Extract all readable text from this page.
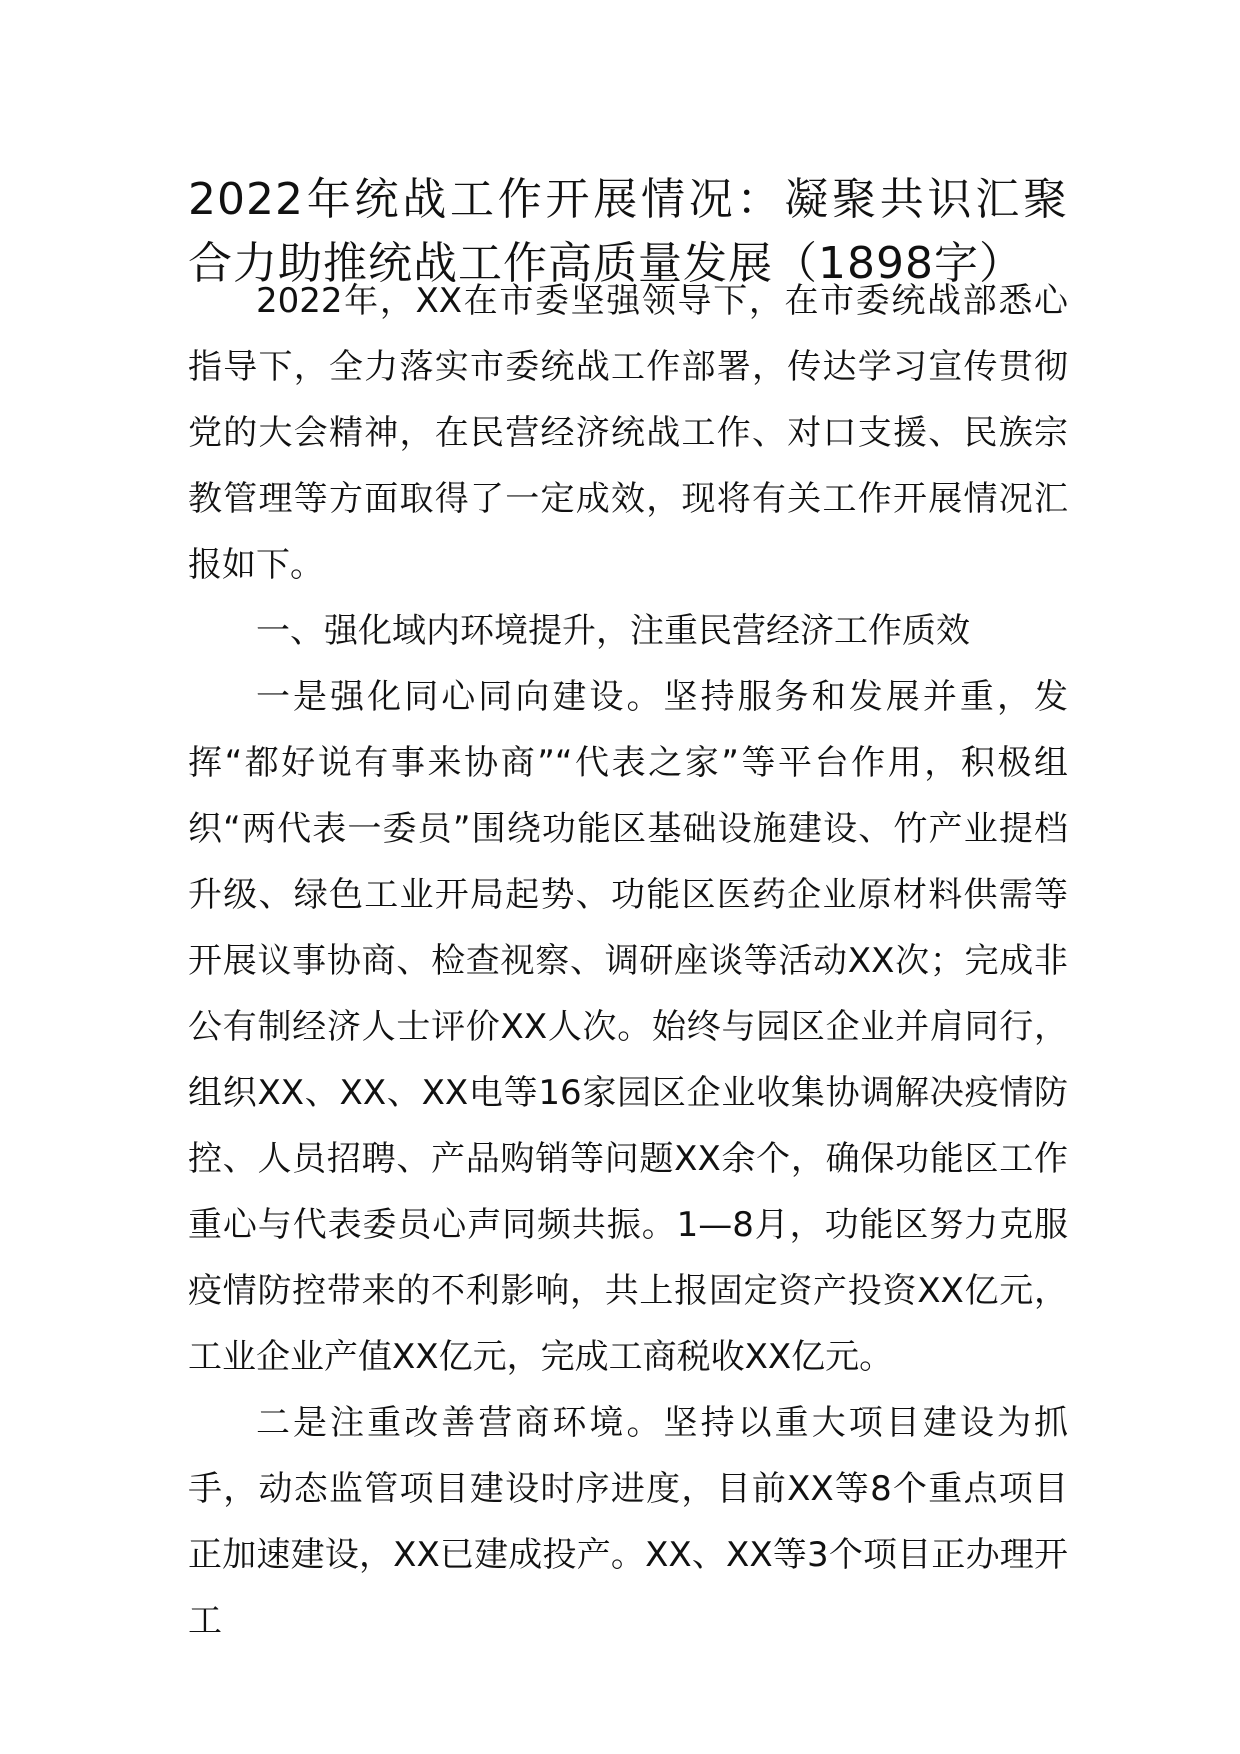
2022年统战工作开展情况：凝聚共识汇聚合力助推统战工作高质量发展（1898字）

2022年，XX在市委坚强领导下，在市委统战部悉心指导下，全力落实市委统战工作部署，传达学习宣传贯彻党的大会精神，在民营经济统战工作、对口支援、民族宗教管理等方面取得了一定成效，现将有关工作开展情况汇报如下。

一、强化域内环境提升，注重民营经济工作质效

一是强化同心同向建设。坚持服务和发展并重，发挥“都好说有事来协商”“代表之家”等平台作用，积极组织“两代表一委员”围绕功能区基础设施建设、竹产业提档升级、绿色工业开局起势、功能区医药企业原材料供需等开展议事协商、检查视察、调研座谈等活动XX次；完成非公有制经济人士评价XX人次。始终与园区企业并肩同行，组织XX、XX、XX电等16家园区企业收集协调解决疫情防控、人员招聘、产品购销等问题XX余个，确保功能区工作重心与代表委员心声同频共振。1—8月，功能区努力克服疫情防控带来的不利影响，共上报固定资产投资XX亿元，工业企业产值XX亿元，完成工商税收XX亿元。

二是注重改善营商环境。坚持以重大项目建设为抓手，动态监管项目建设时序进度，目前XX等8个重点项目正加速建设，XX已建成投产。XX、XX等3个项目正办理开工
